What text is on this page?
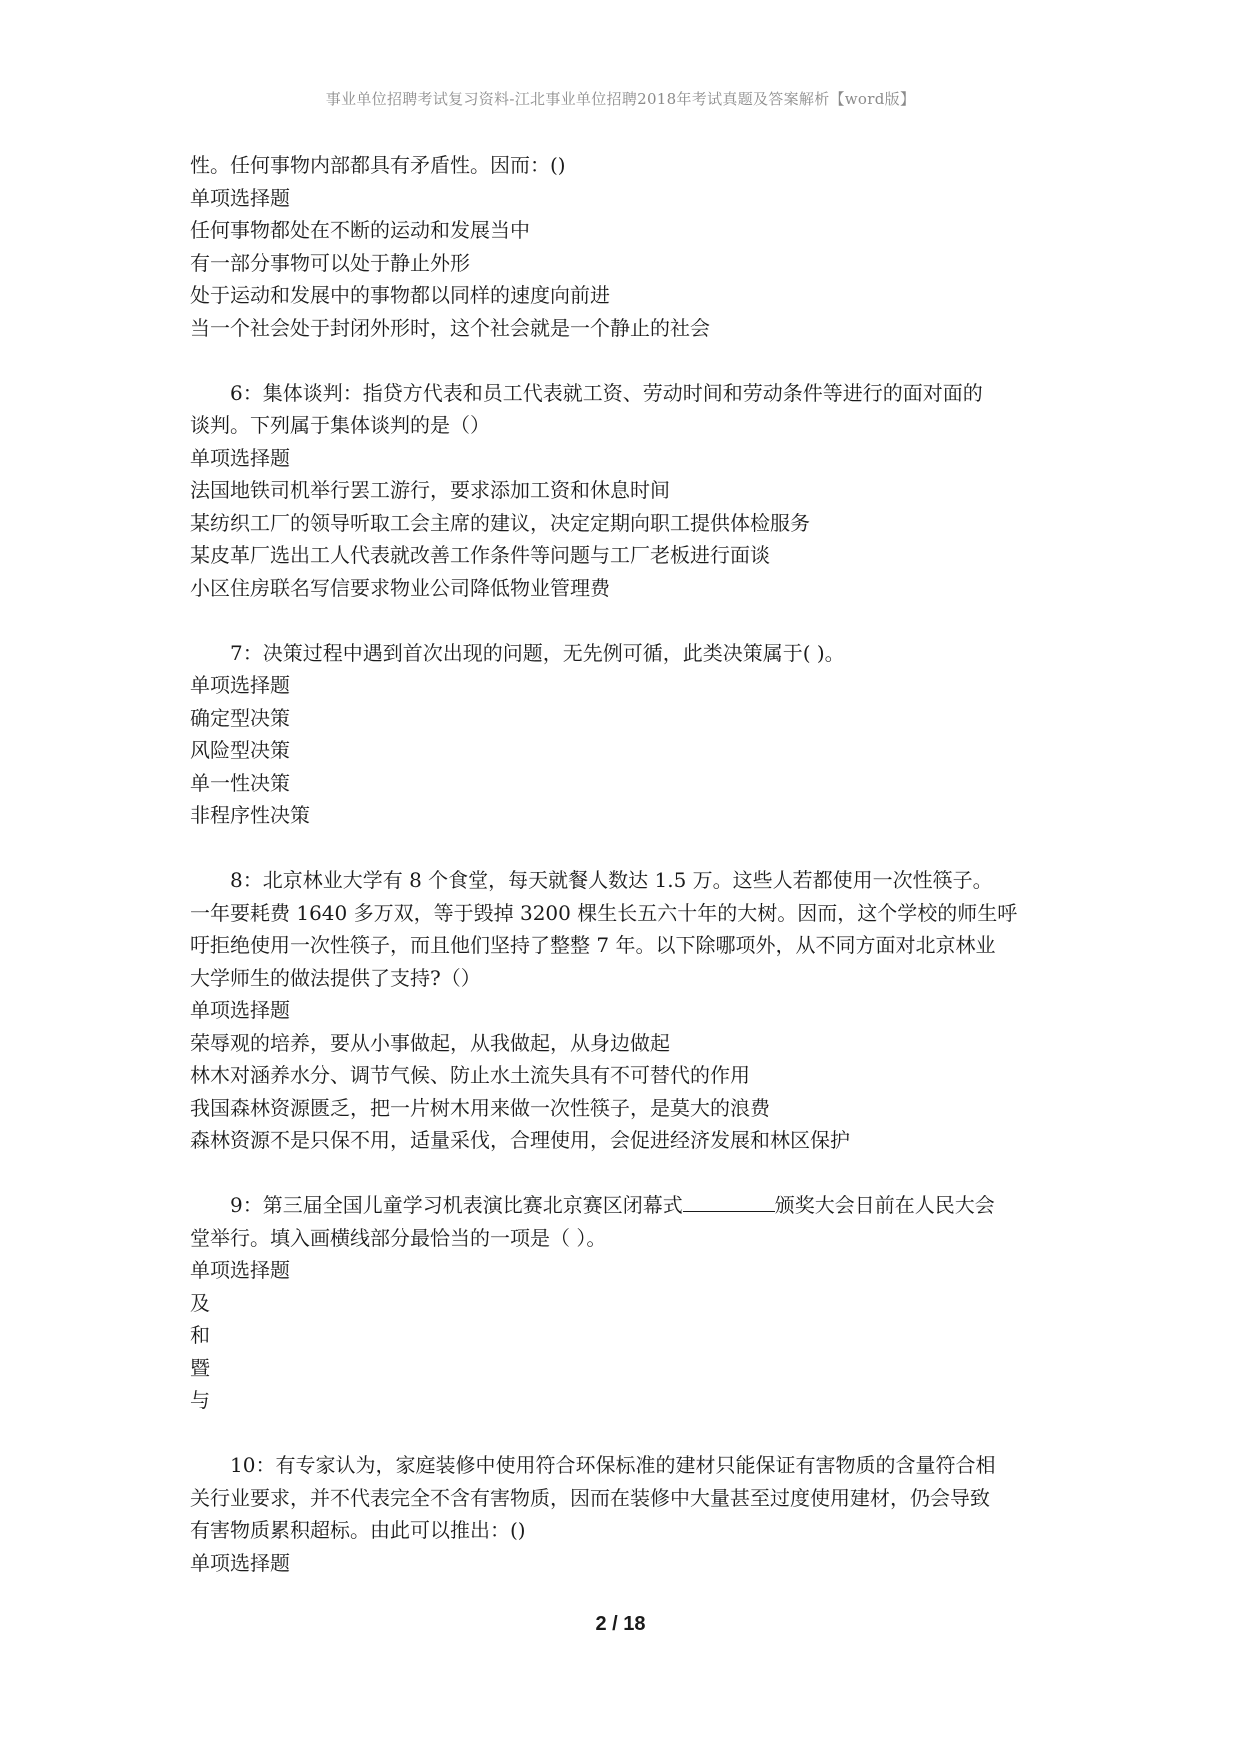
事业单位招聘考试复习资料-江北事业单位招聘2018年考试真题及答案解析【word版】
性。任何事物内部都具有矛盾性。因而：()
单项选择题
任何事物都处在不断的运动和发展当中
有一部分事物可以处于静止外形
处于运动和发展中的事物都以同样的速度向前进
当一个社会处于封闭外形时，这个社会就是一个静止的社会
6：集体谈判：指贷方代表和员工代表就工资、劳动时间和劳动条件等进行的面对面的
谈判。下列属于集体谈判的是（）
单项选择题
法国地铁司机举行罢工游行，要求添加工资和休息时间
某纺织工厂的领导听取工会主席的建议，决定定期向职工提供体检服务
某皮革厂选出工人代表就改善工作条件等问题与工厂老板进行面谈
小区住房联名写信要求物业公司降低物业管理费
7：决策过程中遇到首次出现的问题，无先例可循，此类决策属于( )。
单项选择题
确定型决策
风险型决策
单一性决策
非程序性决策
8：北京林业大学有 8 个食堂，每天就餐人数达 1.5 万。这些人若都使用一次性筷子。
一年要耗费 1640 多万双，等于毁掉 3200 棵生长五六十年的大树。因而，这个学校的师生呼
吁拒绝使用一次性筷子，而且他们坚持了整整 7 年。以下除哪项外，从不同方面对北京林业
大学师生的做法提供了支持?（）
单项选择题
荣辱观的培养，要从小事做起，从我做起，从身边做起
林木对涵养水分、调节气候、防止水土流失具有不可替代的作用
我国森林资源匮乏，把一片树木用来做一次性筷子，是莫大的浪费
森林资源不是只保不用，适量采伐，合理使用，会促进经济发展和林区保护
9：第三届全国儿童学习机表演比赛北京赛区闭幕式	颁奖大会日前在人民大会
堂举行。填入画横线部分最恰当的一项是（ ）。
单项选择题
及
和
暨
与
10：有专家认为，家庭装修中使用符合环保标准的建材只能保证有害物质的含量符合相
关行业要求，并不代表完全不含有害物质，因而在装修中大量甚至过度使用建材，仍会导致
有害物质累积超标。由此可以推出：()
单项选择题
2 / 18
